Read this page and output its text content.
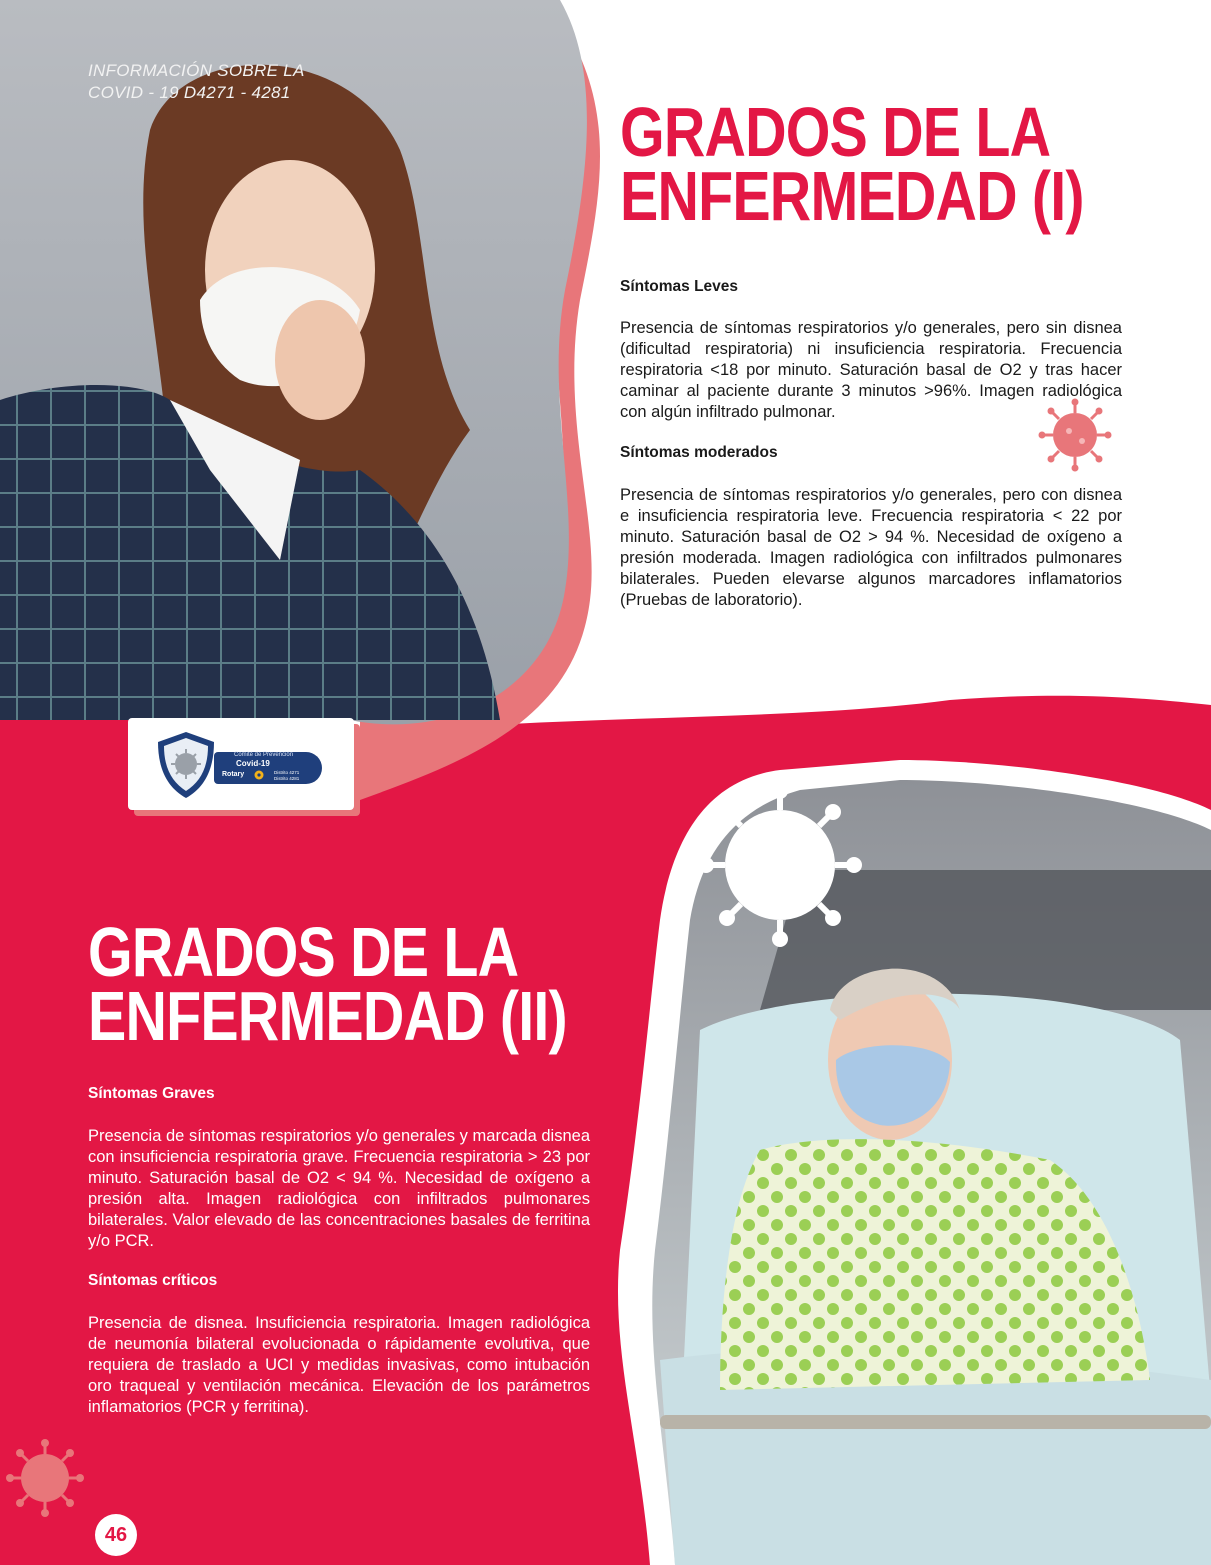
INFORMACIÓN SOBRE LA
COVID - 19 D4271 - 4281
GRADOS DE LA
ENFERMEDAD (I)
Síntomas Leves
Presencia de síntomas respiratorios y/o generales, pero sin disnea (dificultad respiratoria) ni insuficiencia respiratoria. Frecuencia respiratoria <18 por minuto. Saturación basal de O2 y tras hacer caminar al paciente durante 3 minutos >96%. Imagen radiológica con algún infiltrado pulmonar.
Síntomas moderados
Presencia de síntomas respiratorios y/o generales, pero con disnea e insuficiencia respiratoria leve. Frecuencia respiratoria < 22 por minuto. Saturación basal de O2 > 94 %. Necesidad de oxígeno a presión moderada. Imagen radiológica con infiltrados pulmonares bilaterales. Pueden elevarse algunos marcadores inflamatorios (Pruebas de laboratorio).
Comité de Prevención
Covid-19
Rotary	Distrito 4271
Distrito 4281
GRADOS DE LA
ENFERMEDAD (II)
Síntomas Graves
Presencia de síntomas respiratorios y/o generales y marcada disnea con insuficiencia respiratoria grave. Frecuencia respiratoria > 23 por minuto. Saturación basal de O2 < 94 %. Necesidad de oxígeno a presión alta. Imagen radiológica con infiltrados pulmonares bilaterales. Valor elevado de las concentraciones basales de ferritina y/o PCR.
Síntomas críticos
Presencia de disnea. Insuficiencia respiratoria. Imagen radiológica de neumonía bilateral evolucionada o rápidamente evolutiva, que requiera de traslado a UCI y medidas invasivas, como intubación oro traqueal y ventilación mecánica. Elevación de los parámetros inflamatorios (PCR y ferritina).
46
